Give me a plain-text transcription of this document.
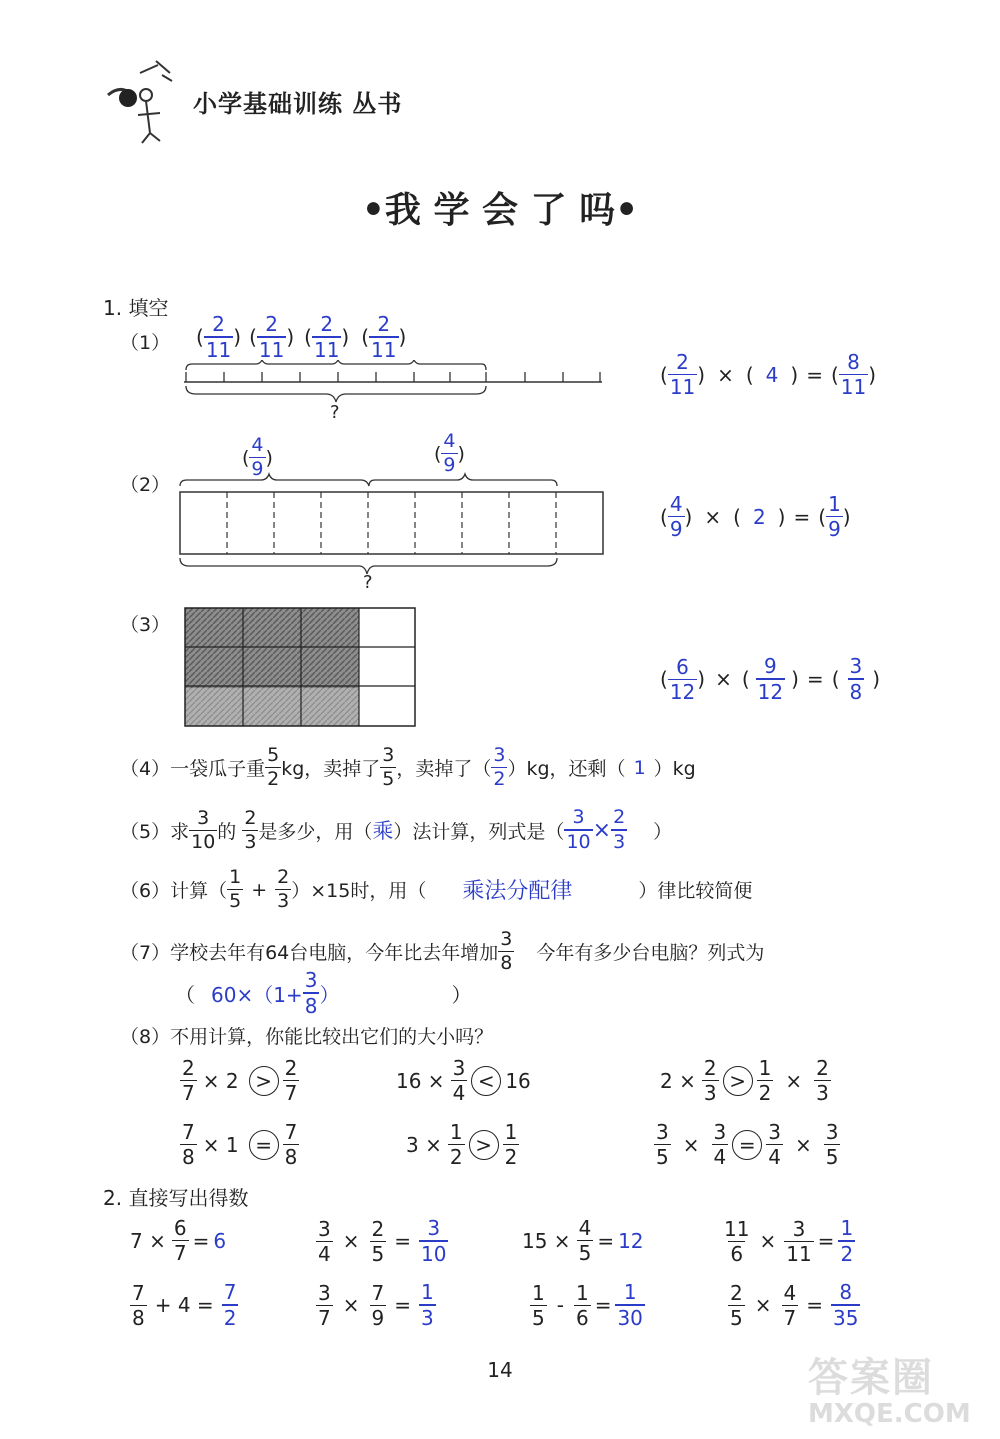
小学基础训练 丛书
•我 学 会 了 吗•
1. 填空
（1） ( $\frac{2}{11}$ ) ( $\frac{2}{11}$ ) ( $\frac{2}{11}$ ) ( $\frac{2}{11}$ )
?
( $\frac{2}{11}$ ) × ( 4 ) = ( $\frac{8}{11}$ )
（2）
( $\frac{4}{9}$ )	( $\frac{4}{9}$ )
?
( $\frac{4}{9}$ ) × ( 2 ) = ( $\frac{1}{9}$ )
（3）
( $\frac{6}{12}$ ) × ( $\frac{9}{12}$ ) = ( $\frac{3}{8}$ )
（4） 一袋瓜子重 $\frac{5}{2}$ kg，卖掉了 $\frac{3}{5}$ ，卖掉了（ $\frac{3}{2} )kg$，还剩（ 1 ）kg
（5） 求 $\frac{3}{10}$ 的 $\frac{2}{3}$ 是多少，用（ 乘 ）法计算，列式是（ $\frac{3}{10} \times \frac{2}{3}$ ）
（6） 计算（ $\frac{1}{5} + \frac{2}{3} )\times 15$时，用（ 乘法分配律	）律比较简便
（7） 学校去年有64台电脑，今年比去年增加 $\frac{3}{8}$ 今年有多少台电脑？列式为
（ $60\times(1+ \frac{3}{8}$ ）	）
（8） 不用计算，你能比较出它们的大小吗？
$\frac{2}{7} \times 2 > \frac{2}{7}$	$16 \times \frac{3}{4} < 16$	$2 \times \frac{2}{3} > \frac{1}{2} \times \frac{2}{3}$
$\frac{7}{8} \times 1 = \frac{7}{8}$	$3 \times \frac{1}{2} > \frac{1}{2}$	$\frac{3}{5} \times \frac{3}{4} = \frac{3}{4} \times \frac{3}{5}$
2. 直接写出得数
$7 \times \frac{6}{7} = 6$	$\frac{3}{4} \times \frac{2}{5} = \frac{3}{10}$	$15 \times \frac{4}{5} = 12$	$\frac{11}{6} \times \frac{3}{11} = \frac{1}{2}$
$\frac{7}{8} + 4 = \frac{7}{2}$	$\frac{3}{7} \times \frac{7}{9} = \frac{1}{3}$	$\frac{1}{5} - \frac{1}{6} = \frac{1}{30}$	$\frac{2}{5} \times \frac{4}{7} = \frac{8}{35}$
14	答案圈
MXQE.COM
